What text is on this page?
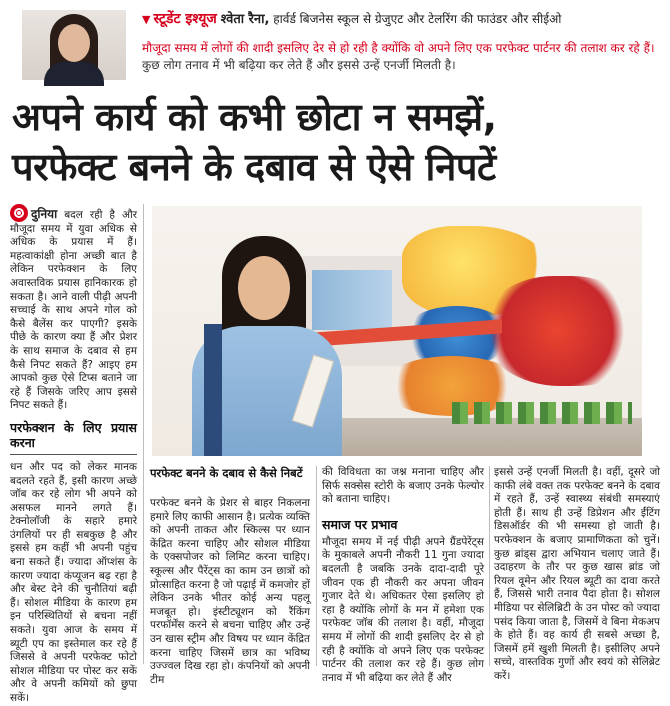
▼ स्टूडेंट इश्यूज श्वेता रैना, हार्वर्ड बिजनेस स्कूल से ग्रेजुएट और टेलरिंग की फाउंडर और सीईओ
मौजूदा समय में लोगों की शादी इसलिए देर से हो रही है क्योंकि वो अपने लिए एक परफेक्ट पार्टनर की तलाश कर रहे हैं। कुछ लोग तनाव में भी बढ़िया कर लेते हैं और इससे उन्हें एनर्जी मिलती है।
अपने कार्य को कभी छोटा न समझें,
परफेक्ट बनने के दबाव से ऐसे निपटें

दुनिया बदल रही है और मौजूदा समय में युवा अधिक से अधिक के प्रयास में हैं। महत्वाकांक्षी होना अच्छी बात है लेकिन परफेक्शन के लिए अवास्तविक प्रयास हानिकारक हो सकता है। आने वाली पीढ़ी अपनी सच्चाई के साथ अपने गोल को कैसे बैलेंस कर पाएगी? इसके पीछे के कारण क्या हैं और प्रेशर के साथ समाज के दबाव से हम कैसे निपट सकते हैं? आइए हम आपको कुछ ऐसे टिप्स बताने जा रहे हैं जिसके जरिए आप इससे निपट सकते हैं।

परफेक्शन के लिए प्रयास करना

धन और पद को लेकर मानक बदलते रहते हैं, इसी कारण अच्छे जॉब कर रहे लोग भी अपने को असफल मानने लगते हैं। टेक्नोलॉजी के सहारे हमारे उंगलियों पर ही सबकुछ है और इससे हम कहीं भी अपनी पहुंच बना सकते हैं। ज्यादा ऑप्शंस के कारण ज्यादा कंप्यूजन बढ़ रहा है और बेस्ट देने की चुनौतियां बढ़ी हैं। सोशल मीडिया के कारण हम इन परिस्थितियों से बचना नहीं सकते। युवा आज के समय में ब्यूटी एप का इस्तेमाल कर रहे हैं जिससे वे अपनी परफेक्ट फोटो सोशल मीडिया पर पोस्ट कर सकें और वे अपनी कमियों को छुपा सकें।

परफेक्ट बनने के दबाव से कैसे निबटें
परफेक्ट बनने के प्रेशर से बाहर निकलना हमारे लिए काफी आसान है। प्रत्येक व्यक्ति को अपनी ताकत और स्किल्स पर ध्यान केंद्रित करना चाहिए और सोशल मीडिया के एक्सपोजर को लिमिट करना चाहिए। स्कूल्स और पैरेंट्स का काम उन छात्रों को प्रोत्साहित करना है जो पढ़ाई में कमजोर हों लेकिन उनके भीतर कोई अन्य पहलू मजबूत हो। इंस्टीट्यूशन को रैंकिंग परफॉर्मेंस करने से बचना चाहिए और उन्हें उन खास स्ट्रीम और विषय पर ध्यान केंद्रित करना चाहिए जिसमें छात्र का भविष्य उज्ज्वल दिख रहा हो। कंपनियों को अपनी टीम

की विविधता का जश्न मनाना चाहिए और सिर्फ सक्सेस स्टोरी के बजाए उनके फेल्योर को बताना चाहिए।

समाज पर प्रभाव

मौजूदा समय में नई पीढ़ी अपने ग्रैंडपेरेंट्स के मुकाबले अपनी नौकरी 11 गुना ज्यादा बदलती है जबकि उनके दादा-दादी पूरे जीवन एक ही नौकरी कर अपना जीवन गुजार देते थे। अधिकतर ऐसा इसलिए हो रहा है क्योंकि लोगों के मन में हमेशा एक परफेक्ट जॉब की तलाश है। वहीं, मौजूदा समय में लोगों की शादी इसलिए देर से हो रही है क्योंकि वो अपने लिए एक परफेक्ट पार्टनर की तलाश कर रहे हैं। कुछ लोग तनाव में भी बढ़िया कर लेते हैं और

इससे उन्हें एनर्जी मिलती है। वहीं, दूसरे जो काफी लंबे वक्त तक परफेक्ट बनने के दबाव में रहते हैं, उन्हें स्वास्थ्य संबंधी समस्याएं होती हैं। साथ ही उन्हें डिप्रेशन और ईंटिंग डिसऑर्डर की भी समस्या हो जाती है। परफेक्शन के बजाए प्रामाणिकता को चुनें। कुछ ब्रांड्स द्वारा अभियान चलाए जाते हैं। उदाहरण के तौर पर कुछ खास ब्रांड जो रियल वूमेन और रियल ब्यूटी का दावा करते हैं, जिससे भारी तनाव पैदा होता है। सोशल मीडिया पर सेलिब्रिटी के उन पोस्ट को ज्यादा पसंद किया जाता है, जिसमें वे बिना मेकअप के होते हैं। वह कार्य ही सबसे अच्छा है, जिसमें हमें खुशी मिलती है। इसीलिए अपने सच्चे, वास्तविक गुणों और स्वयं को सेलिब्रेट करें।
